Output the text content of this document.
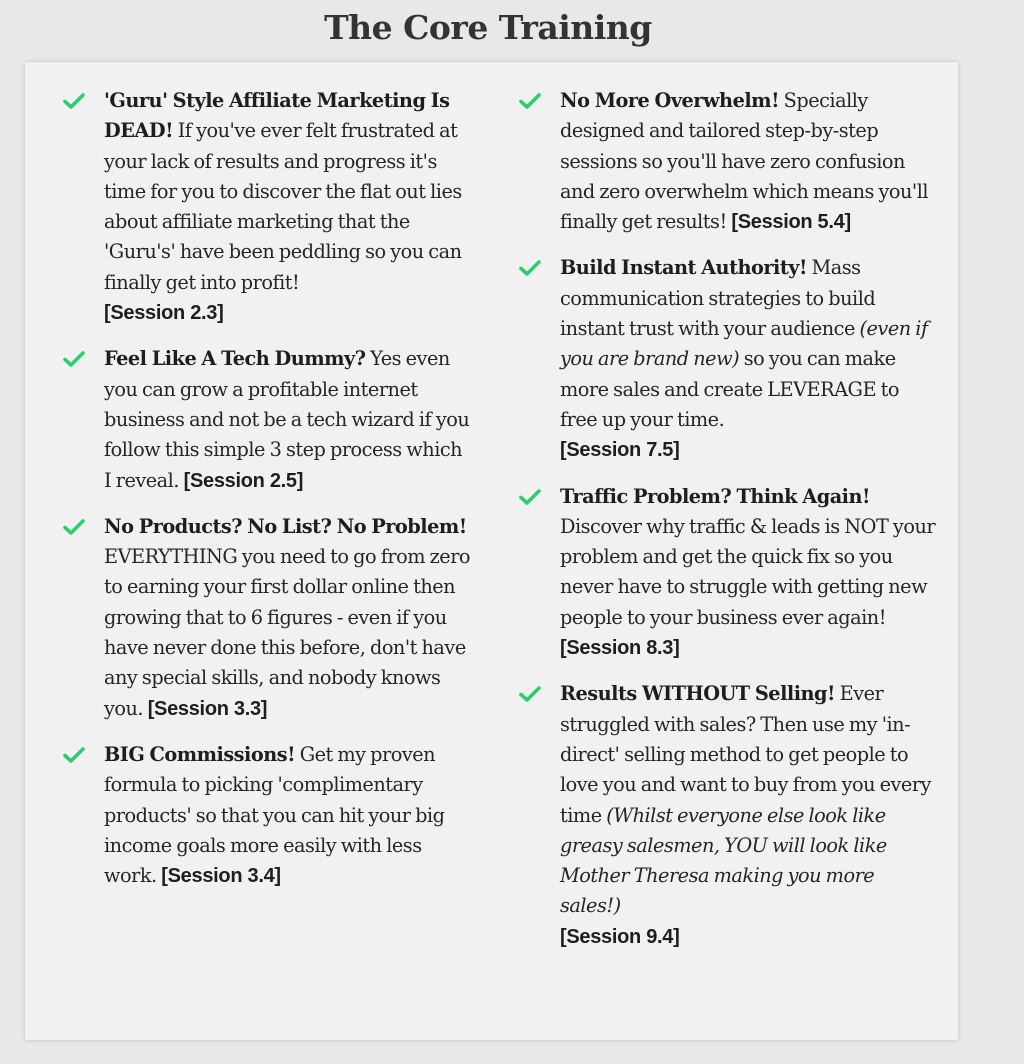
The Core Training
'Guru' Style Affiliate Marketing Is DEAD! If you've ever felt frustrated at your lack of results and progress it's time for you to discover the flat out lies about affiliate marketing that the 'Guru's' have been peddling so you can finally get into profit!
[Session 2.3]
Feel Like A Tech Dummy? Yes even you can grow a profitable internet business and not be a tech wizard if you follow this simple 3 step process which I reveal. [Session 2.5]
No Products? No List? No Problem!
EVERYTHING you need to go from zero to earning your first dollar online then growing that to 6 figures - even if you have never done this before, don't have any special skills, and nobody knows you. [Session 3.3]
BIG Commissions! Get my proven formula to picking 'complimentary products' so that you can hit your big income goals more easily with less work. [Session 3.4]
No More Overwhelm! Specially designed and tailored step-by-step sessions so you'll have zero confusion and zero overwhelm which means you'll finally get results! [Session 5.4]
Build Instant Authority! Mass communication strategies to build instant trust with your audience (even if you are brand new) so you can make more sales and create LEVERAGE to free up your time.
[Session 7.5]
Traffic Problem? Think Again!
Discover why traffic & leads is NOT your problem and get the quick fix so you never have to struggle with getting new people to your business ever again! [Session 8.3]
Results WITHOUT Selling! Ever struggled with sales? Then use my 'in-direct' selling method to get people to love you and want to buy from you every time (Whilst everyone else look like greasy salesmen, YOU will look like Mother Theresa making you more sales!)
[Session 9.4]
